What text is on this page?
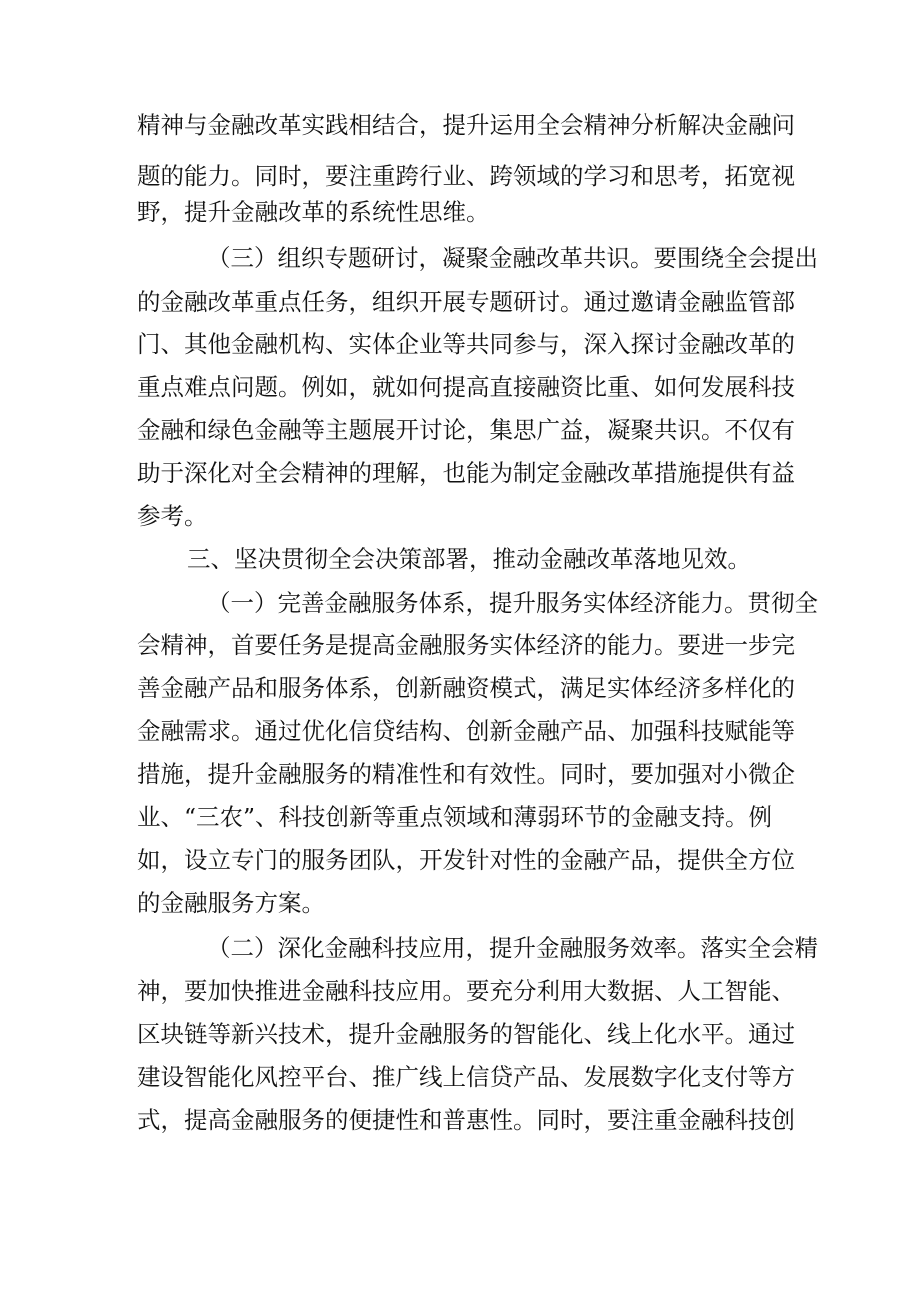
精神与金融改革实践相结合，提升运用全会精神分析解决金融问
题的能力。同时，要注重跨行业、跨领域的学习和思考，拓宽视
野，提升金融改革的系统性思维。
（三）组织专题研讨，凝聚金融改革共识。要围绕全会提出
的金融改革重点任务，组织开展专题研讨。通过邀请金融监管部
门、其他金融机构、实体企业等共同参与，深入探讨金融改革的
重点难点问题。例如，就如何提高直接融资比重、如何发展科技
金融和绿色金融等主题展开讨论，集思广益，凝聚共识。不仅有
助于深化对全会精神的理解，也能为制定金融改革措施提供有益
参考。
三、坚决贯彻全会决策部署，推动金融改革落地见效。
（一）完善金融服务体系，提升服务实体经济能力。贯彻全
会精神，首要任务是提高金融服务实体经济的能力。要进一步完
善金融产品和服务体系，创新融资模式，满足实体经济多样化的
金融需求。通过优化信贷结构、创新金融产品、加强科技赋能等
措施，提升金融服务的精准性和有效性。同时，要加强对小微企
业、“三农”、科技创新等重点领域和薄弱环节的金融支持。例
如，设立专门的服务团队，开发针对性的金融产品，提供全方位
的金融服务方案。
（二）深化金融科技应用，提升金融服务效率。落实全会精
神，要加快推进金融科技应用。要充分利用大数据、人工智能、
区块链等新兴技术，提升金融服务的智能化、线上化水平。通过
建设智能化风控平台、推广线上信贷产品、发展数字化支付等方
式，提高金融服务的便捷性和普惠性。同时，要注重金融科技创
